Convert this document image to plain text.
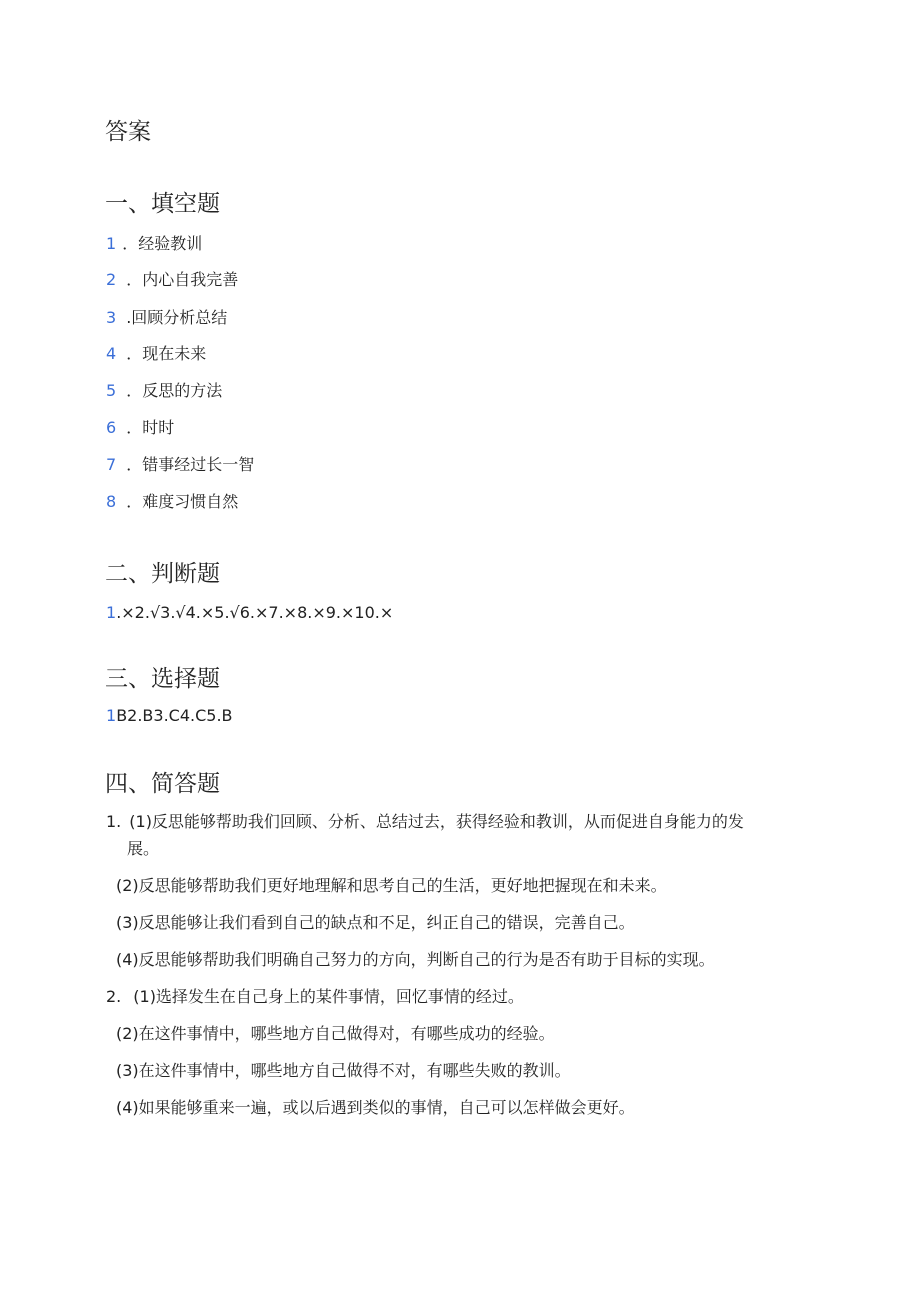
答案
一、填空题
1 ．经验教训
2 ．内心自我完善
3 .回顾分析总结
4 ．现在未来
5 ．反思的方法
6 ．时时
7 ．错事经过长一智
8 ．难度习惯自然
二、判断题
1.×2.√3.√4.×5.√6.×7.×8.×9.×10.×
三、选择题
1B2.B3.C4.C5.B
四、简答题
1. (1)反思能够帮助我们回顾、分析、总结过去，获得经验和教训，从而促进自身能力的发
展。
(2)反思能够帮助我们更好地理解和思考自己的生活，更好地把握现在和未来。
(3)反思能够让我们看到自己的缺点和不足，纠正自己的错误，完善自己。
(4)反思能够帮助我们明确自己努力的方向，判断自己的行为是否有助于目标的实现。
2. (1)选择发生在自己身上的某件事情，回忆事情的经过。
(2)在这件事情中，哪些地方自己做得对，有哪些成功的经验。
(3)在这件事情中，哪些地方自己做得不对，有哪些失败的教训。
(4)如果能够重来一遍，或以后遇到类似的事情，自己可以怎样做会更好。
